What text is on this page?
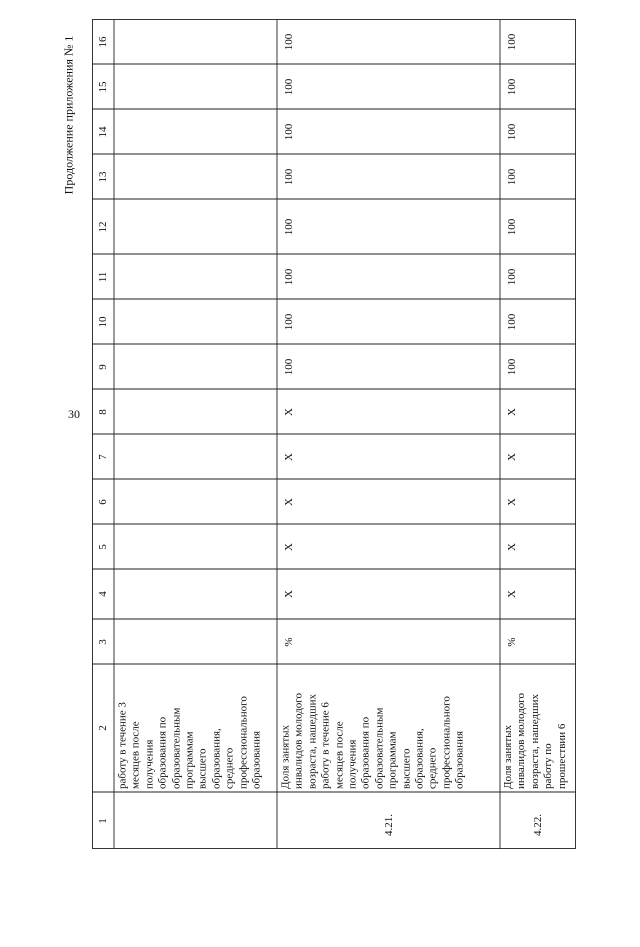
30
Продолжение приложения № 1
1
2
3
4
5
6
7
8
9
10
11
12
13
14
15
16
работу в течение 3 месяцев после получения образования по образовательным программам высшего образования, среднего профессионального образования
4.21.
Доля занятых инвалидов молодого возраста, нашедших работу в течение 6 месяцев после получения образования по образовательным программам высшего образования, среднего профессионального образования
%
X
X
X
X
X
100
100
100
100
100
100
100
100
4.22.
Доля занятых инвалидов молодого возраста, нашедших работу по прошествии 6
%
X
X
X
X
X
100
100
100
100
100
100
100
100
